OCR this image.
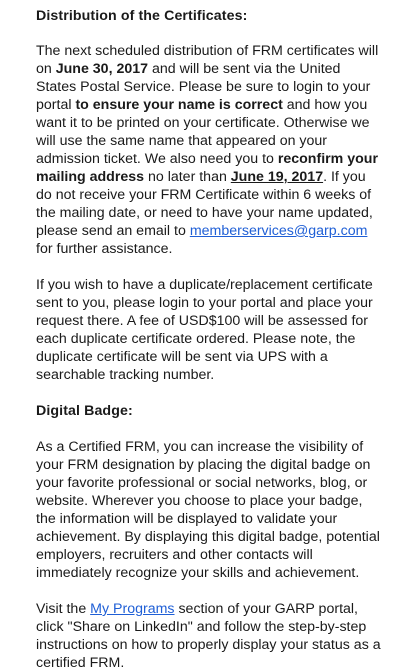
Distribution of the Certificates:

The next scheduled distribution of FRM certificates will on June 30, 2017 and will be sent via the United States Postal Service. Please be sure to login to your portal to ensure your name is correct and how you want it to be printed on your certificate. Otherwise we will use the same name that appeared on your admission ticket. We also need you to reconfirm your mailing address no later than June 19, 2017. If you do not receive your FRM Certificate within 6 weeks of the mailing date, or need to have your name updated, please send an email to memberservices@garp.com for further assistance.

If you wish to have a duplicate/replacement certificate sent to you, please login to your portal and place your request there. A fee of USD$100 will be assessed for each duplicate certificate ordered. Please note, the duplicate certificate will be sent via UPS with a searchable tracking number.

Digital Badge:

As a Certified FRM, you can increase the visibility of your FRM designation by placing the digital badge on your favorite professional or social networks, blog, or website. Wherever you choose to place your badge, the information will be displayed to validate your achievement. By displaying this digital badge, potential employers, recruiters and other contacts will immediately recognize your skills and achievement.

Visit the My Programs section of your GARP portal, click "Share on LinkedIn" and follow the step-by-step instructions on how to properly display your status as a certified FRM.
